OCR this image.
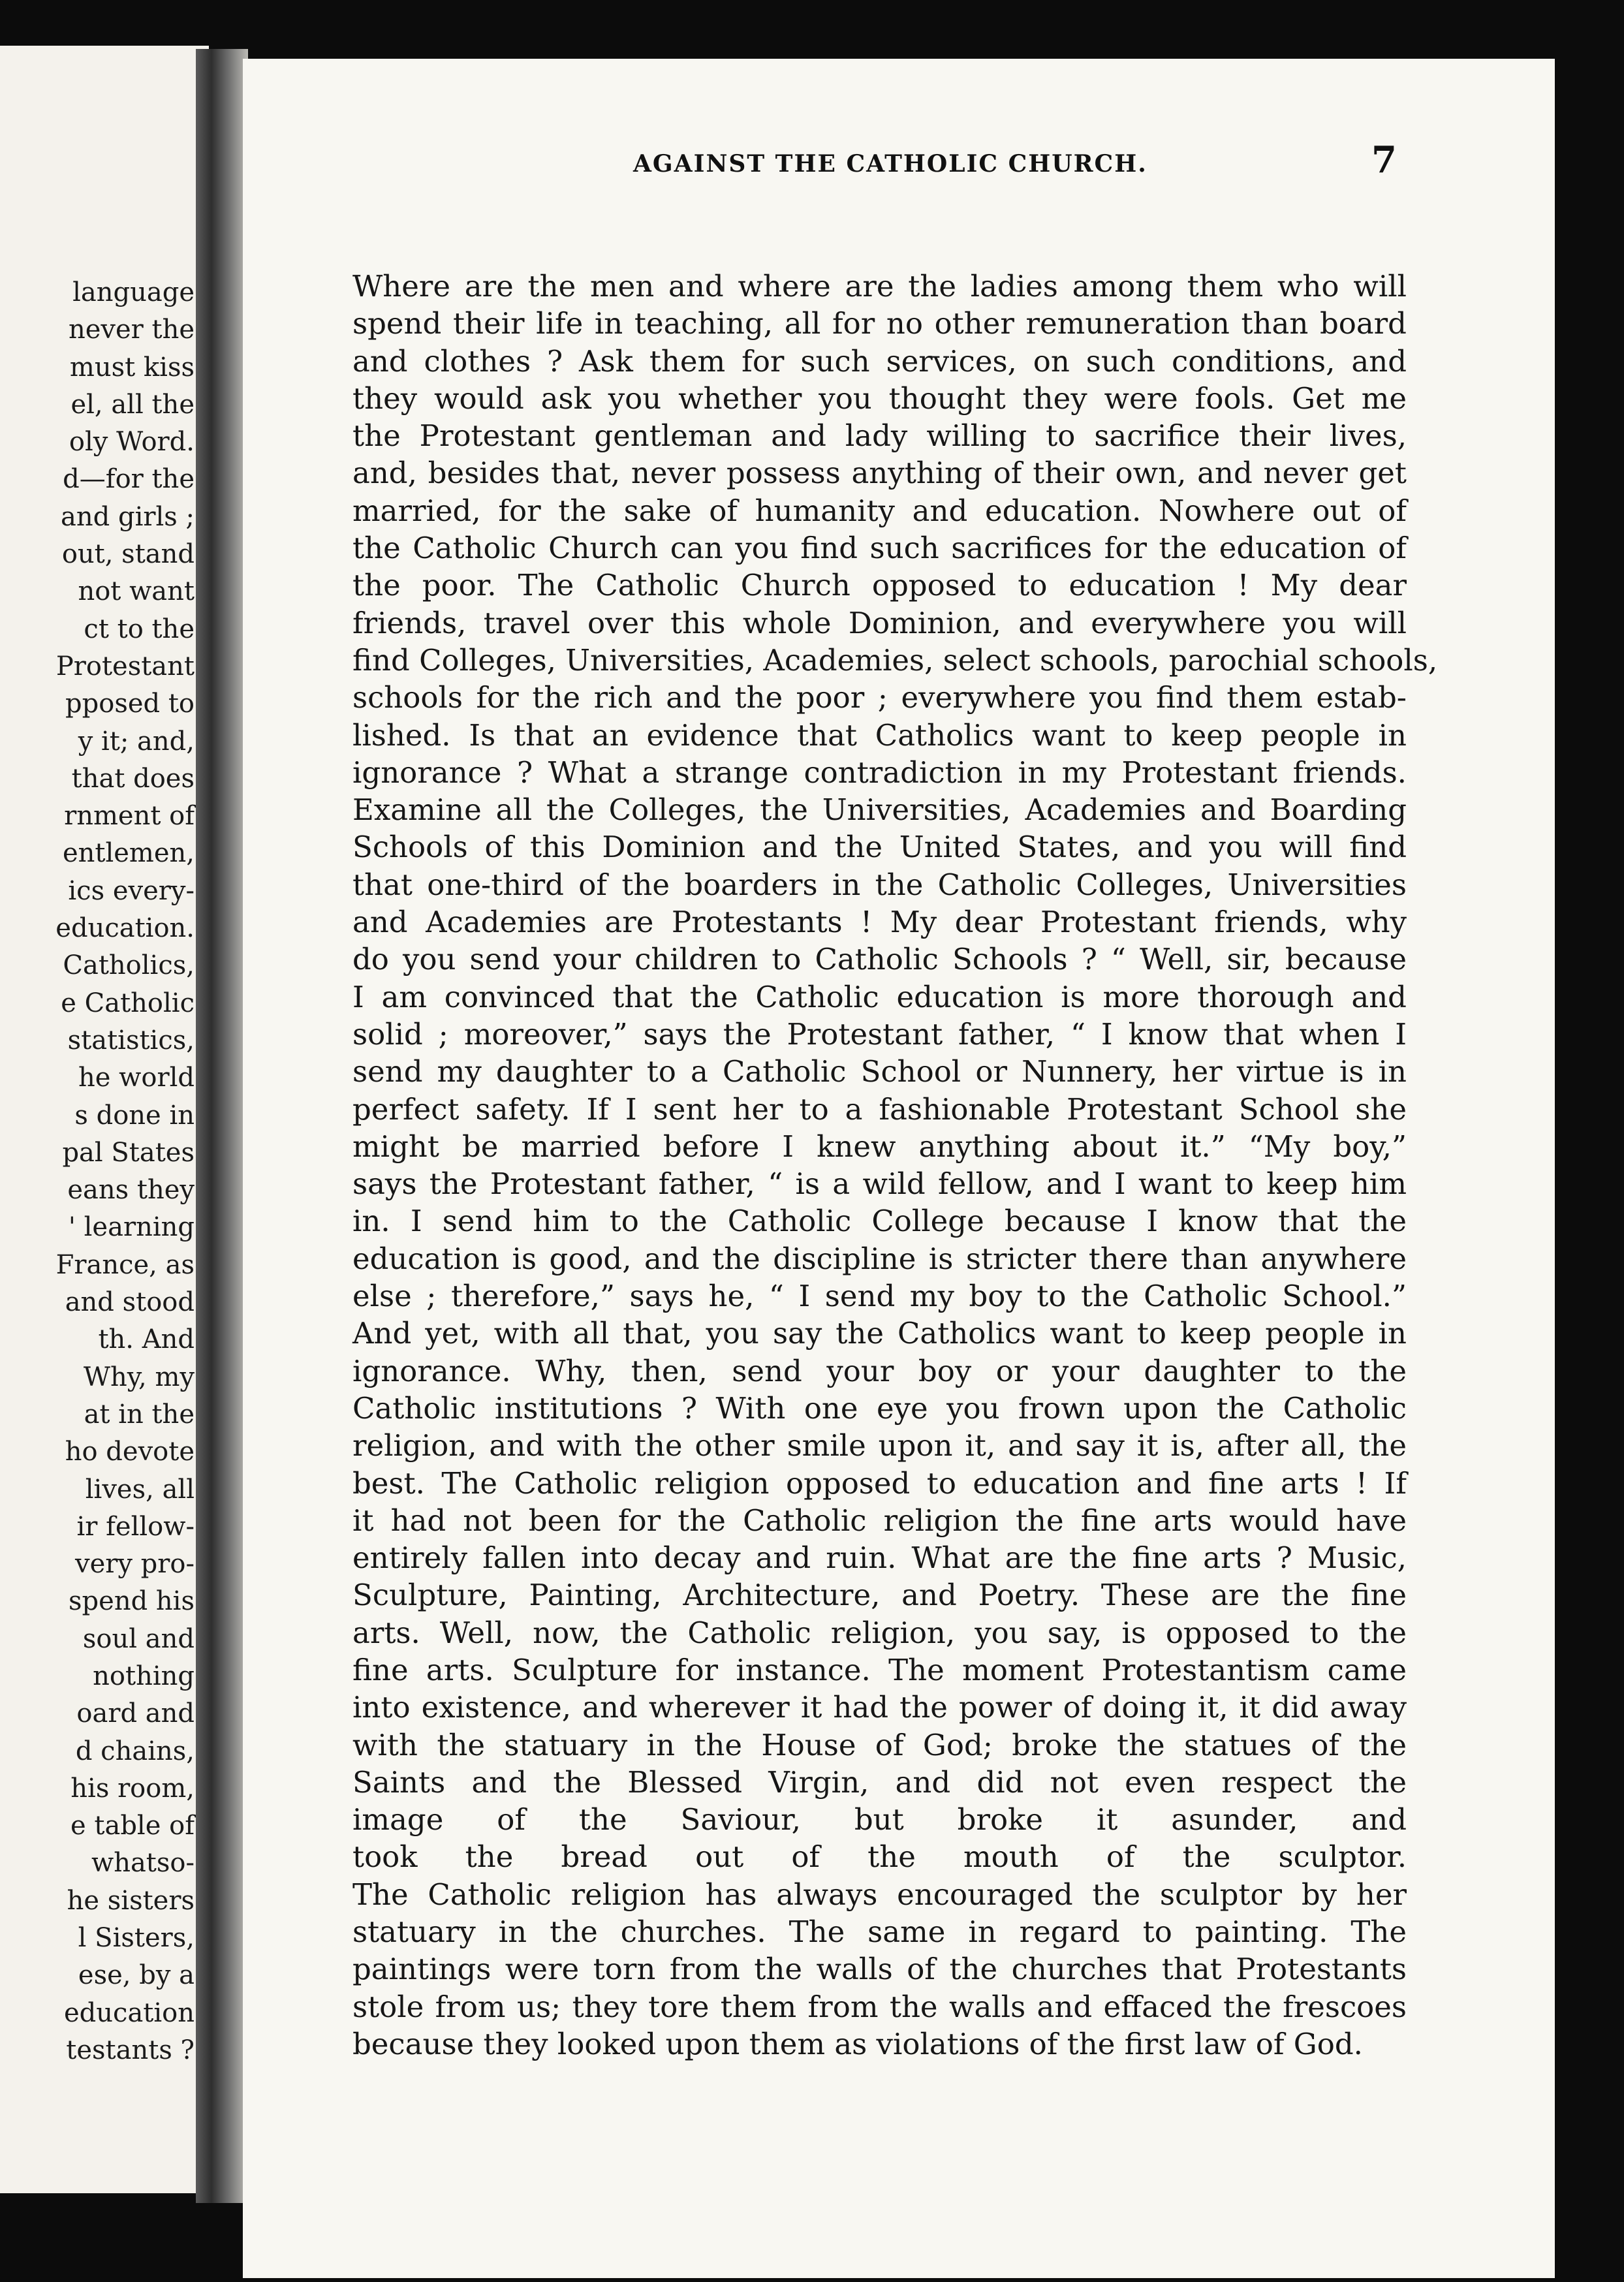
language
never the
must kiss
el, all the
oly Word.
d—for the
and girls ;
out, stand
not want
ct to the
Protestant
pposed to
y it; and,
that does
rnment of
entlemen,
ics every-
education.
Catholics,
e Catholic
statistics,
he world
s done in
pal States
eans they
' learning
France, as
and stood
th. And
Why, my
at in the
ho devote
lives, all
ir fellow-
very pro-
spend his
soul and
nothing
oard and
d chains,
his room,
e table of
whatso-
he sisters
l Sisters,
ese, by a
education
testants ?
AGAINST THE CATHOLIC CHURCH.	7
Where are the men and where are the ladies among them who will
spend their life in teaching, all for no other remuneration than board
and clothes ? Ask them for such services, on such conditions, and
they would ask you whether you thought they were fools. Get me
the Protestant gentleman and lady willing to sacrifice their lives,
and, besides that, never possess anything of their own, and never get
married, for the sake of humanity and education. Nowhere out of
the Catholic Church can you find such sacrifices for the education of
the poor. The Catholic Church opposed to education ! My dear
friends, travel over this whole Dominion, and everywhere you will
find Colleges, Universities, Academies, select schools, parochial schools,
schools for the rich and the poor ; everywhere you find them estab-
lished. Is that an evidence that Catholics want to keep people in
ignorance ? What a strange contradiction in my Protestant friends.
Examine all the Colleges, the Universities, Academies and Boarding
Schools of this Dominion and the United States, and you will find
that one-third of the boarders in the Catholic Colleges, Universities
and Academies are Protestants ! My dear Protestant friends, why
do you send your children to Catholic Schools ? “ Well, sir, because
I am convinced that the Catholic education is more thorough and
solid ; moreover,” says the Protestant father, “ I know that when I
send my daughter to a Catholic School or Nunnery, her virtue is in
perfect safety. If I sent her to a fashionable Protestant School she
might be married before I knew anything about it.” “My boy,”
says the Protestant father, “ is a wild fellow, and I want to keep him
in. I send him to the Catholic College because I know that the
education is good, and the discipline is stricter there than anywhere
else ; therefore,” says he, “ I send my boy to the Catholic School.”
And yet, with all that, you say the Catholics want to keep people in
ignorance. Why, then, send your boy or your daughter to the
Catholic institutions ? With one eye you frown upon the Catholic
religion, and with the other smile upon it, and say it is, after all, the
best. The Catholic religion opposed to education and fine arts ! If
it had not been for the Catholic religion the fine arts would have
entirely fallen into decay and ruin. What are the fine arts ? Music,
Sculpture, Painting, Architecture, and Poetry. These are the fine
arts. Well, now, the Catholic religion, you say, is opposed to the
fine arts. Sculpture for instance. The moment Protestantism came
into existence, and wherever it had the power of doing it, it did away
with the statuary in the House of God; broke the statues of the
Saints and the Blessed Virgin, and did not even respect the
image of the Saviour, but broke it asunder, and
took the bread out of the mouth of the sculptor.
The Catholic religion has always encouraged the sculptor by her
statuary in the churches. The same in regard to painting. The
paintings were torn from the walls of the churches that Protestants
stole from us; they tore them from the walls and effaced the frescoes
because they looked upon them as violations of the first law of God.
